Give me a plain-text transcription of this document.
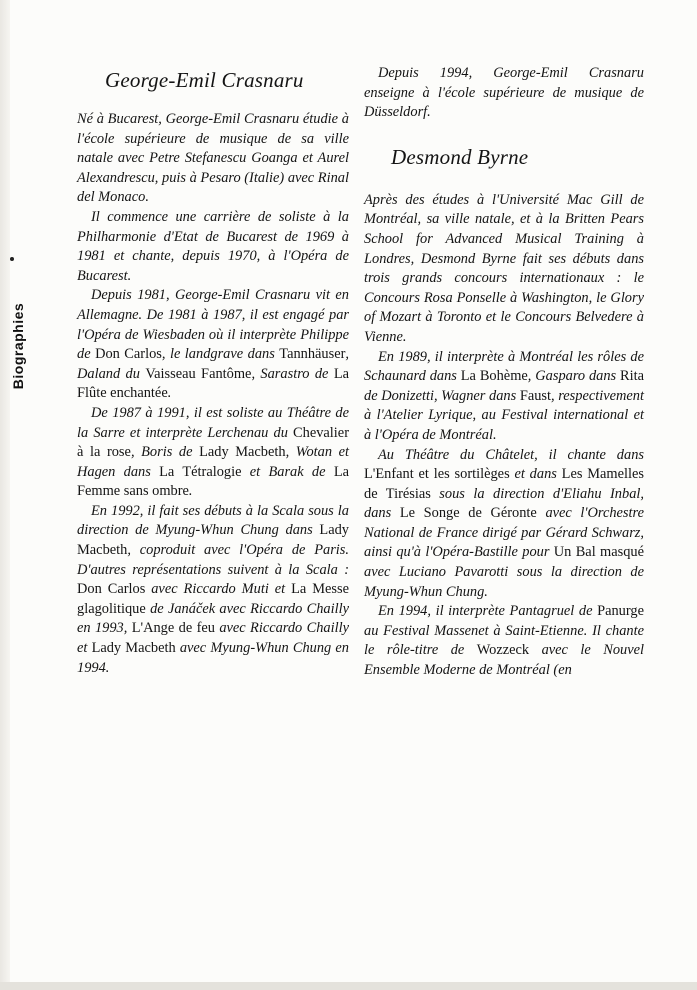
Biographies
George-Emil Crasnaru

Né à Bucarest, George-Emil Crasnaru étudie à l'école supérieure de musique de sa ville natale avec Petre Stefanescu Goanga et Aurel Alexandrescu, puis à Pesaro (Italie) avec Rinal del Monaco.

Il commence une carrière de soliste à la Philharmonie d'Etat de Bucarest de 1969 à 1981 et chante, depuis 1970, à l'Opéra de Bucarest.

Depuis 1981, George-Emil Crasnaru vit en Allemagne. De 1981 à 1987, il est engagé par l'Opéra de Wiesbaden où il interprète Philippe de Don Carlos, le landgrave dans Tannhäuser, Daland du Vaisseau Fantôme, Sarastro de La Flûte enchantée.

De 1987 à 1991, il est soliste au Théâtre de la Sarre et interprète Lerchenau du Chevalier à la rose, Boris de Lady Macbeth, Wotan et Hagen dans La Tétralogie et Barak de La Femme sans ombre.

En 1992, il fait ses débuts à la Scala sous la direction de Myung-Whun Chung dans Lady Macbeth, coproduit avec l'Opéra de Paris. D'autres représentations suivent à la Scala : Don Carlos avec Riccardo Muti et La Messe glagolitique de Janáček avec Riccardo Chailly en 1993, L'Ange de feu avec Riccardo Chailly et Lady Macbeth avec Myung-Whun Chung en 1994.

Depuis 1994, George-Emil Crasnaru enseigne à l'école supérieure de musique de Düsseldorf.

Desmond Byrne

Après des études à l'Université Mac Gill de Montréal, sa ville natale, et à la Britten Pears School for Advanced Musical Training à Londres, Desmond Byrne fait ses débuts dans trois grands concours internationaux : le Concours Rosa Ponselle à Washington, le Glory of Mozart à Toronto et le Concours Belvedere à Vienne.

En 1989, il interprète à Montréal les rôles de Schaunard dans La Bohème, Gasparo dans Rita de Donizetti, Wagner dans Faust, respectivement à l'Atelier Lyrique, au Festival international et à l'Opéra de Montréal.

Au Théâtre du Châtelet, il chante dans L'Enfant et les sortilèges et dans Les Mamelles de Tirésias sous la direction d'Eliahu Inbal, dans Le Songe de Géronte avec l'Orchestre National de France dirigé par Gérard Schwarz, ainsi qu'à l'Opéra-Bastille pour Un Bal masqué avec Luciano Pavarotti sous la direction de Myung-Whun Chung.

En 1994, il interprète Pantagruel de Panurge au Festival Massenet à Saint-Etienne. Il chante le rôle-titre de Wozzeck avec le Nouvel Ensemble Moderne de Montréal (en
